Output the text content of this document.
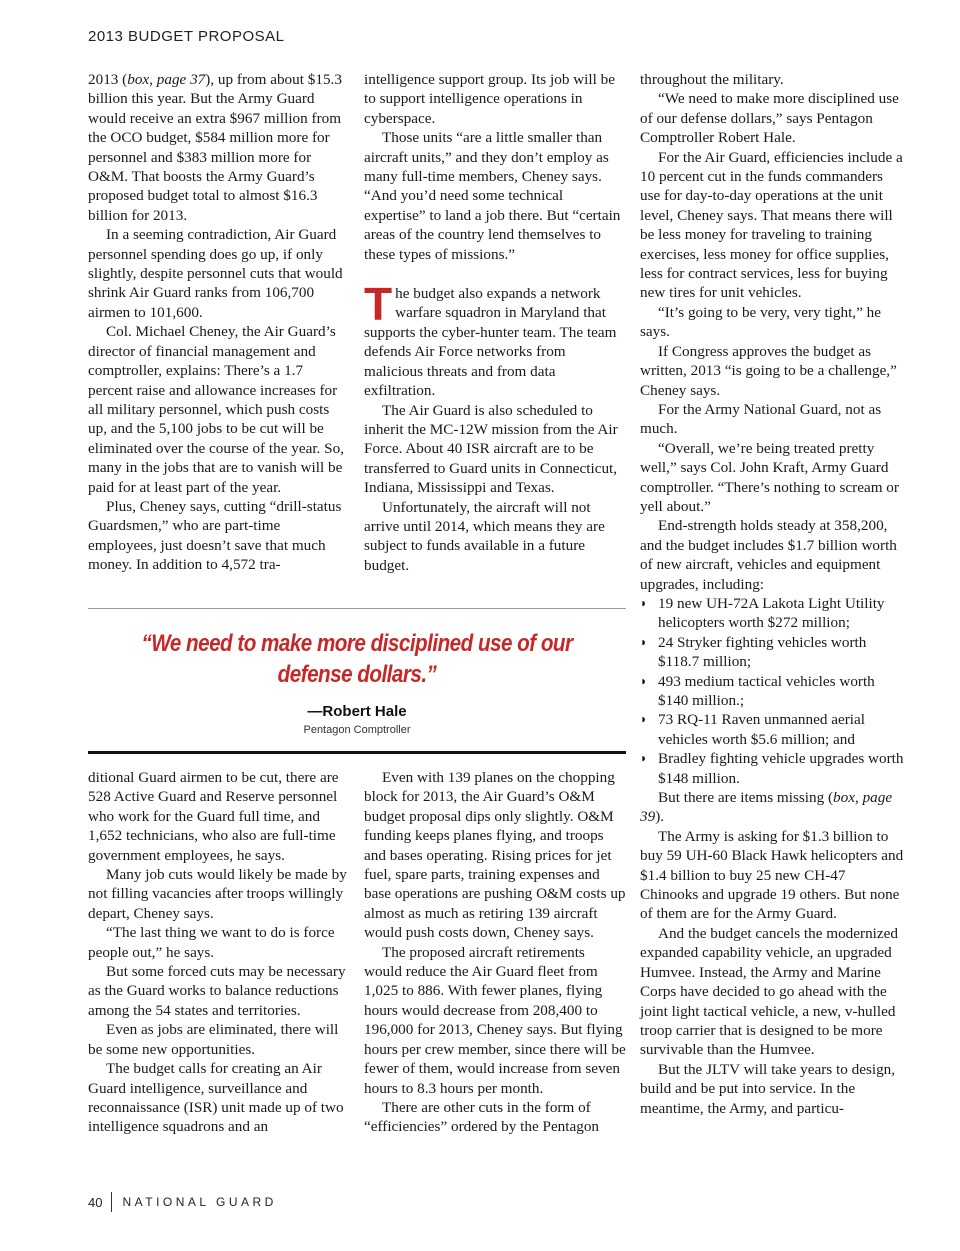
2013 BUDGET PROPOSAL

2013 (box, page 37), up from about $15.3 billion this year. But the Army Guard would receive an extra $967 million from the OCO budget, $584 million more for personnel and $383 million more for O&M. That boosts the Army Guard’s proposed budget total to almost $16.3 billion for 2013.

In a seeming contradiction, Air Guard personnel spending does go up, if only slightly, despite personnel cuts that would shrink Air Guard ranks from 106,700 airmen to 101,600.

Col. Michael Cheney, the Air Guard’s director of financial management and comptroller, explains: There’s a 1.7 percent raise and allowance increases for all military personnel, which push costs up, and the 5,100 jobs to be cut will be eliminated over the course of the year. So, many in the jobs that are to vanish will be paid for at least part of the year.

Plus, Cheney says, cutting “drill-status Guardsmen,” who are part-time employees, just doesn’t save that much money. In addition to 4,572 tra-

intelligence support group. Its job will be to support intelligence operations in cyberspace.

Those units “are a little smaller than aircraft units,” and they don’t employ as many full-time members, Cheney says. “And you’d need some technical expertise” to land a job there. But “certain areas of the country lend themselves to these types of missions.”

The budget also expands a network warfare squadron in Maryland that supports the cyber-hunter team. The team defends Air Force networks from malicious threats and from data exfiltration.

The Air Guard is also scheduled to inherit the MC-12W mission from the Air Force. About 40 ISR aircraft are to be transferred to Guard units in Connecticut, Indiana, Mississippi and Texas.

Unfortunately, the aircraft will not arrive until 2014, which means they are subject to funds available in a future budget.

“We need to make more disciplined use of our defense dollars.”
—Robert Hale
Pentagon Comptroller

ditional Guard airmen to be cut, there are 528 Active Guard and Reserve personnel who work for the Guard full time, and 1,652 technicians, who also are full-time government employees, he says.

Many job cuts would likely be made by not filling vacancies after troops willingly depart, Cheney says.

“The last thing we want to do is force people out,” he says.

But some forced cuts may be necessary as the Guard works to balance reductions among the 54 states and territories.

Even as jobs are eliminated, there will be some new opportunities.

The budget calls for creating an Air Guard intelligence, surveillance and reconnaissance (ISR) unit made up of two intelligence squadrons and an

Even with 139 planes on the chopping block for 2013, the Air Guard’s O&M budget proposal dips only slightly. O&M funding keeps planes flying, and troops and bases operating. Rising prices for jet fuel, spare parts, training expenses and base operations are pushing O&M costs up almost as much as retiring 139 aircraft would push costs down, Cheney says.

The proposed aircraft retirements would reduce the Air Guard fleet from 1,025 to 886. With fewer planes, flying hours would decrease from 208,400 to 196,000 for 2013, Cheney says. But flying hours per crew member, since there will be fewer of them, would increase from seven hours to 8.3 hours per month.

There are other cuts in the form of “efficiencies” ordered by the Pentagon

throughout the military.

“We need to make more disciplined use of our defense dollars,” says Pentagon Comptroller Robert Hale.

For the Air Guard, efficiencies include a 10 percent cut in the funds commanders use for day-to-day operations at the unit level, Cheney says. That means there will be less money for traveling to training exercises, less money for office supplies, less for contract services, less for buying new tires for unit vehicles.

“It’s going to be very, very tight,” he says.

If Congress approves the budget as written, 2013 “is going to be a challenge,” Cheney says.

For the Army National Guard, not as much.

“Overall, we’re being treated pretty well,” says Col. John Kraft, Army Guard comptroller. “There’s nothing to scream or yell about.”

End-strength holds steady at 358,200, and the budget includes $1.7 billion worth of new aircraft, vehicles and equipment upgrades, including:

◗ 19 new UH-72A Lakota Light Utility helicopters worth $272 million;
◗ 24 Stryker fighting vehicles worth $118.7 million;
◗ 493 medium tactical vehicles worth $140 million.;
◗ 73 RQ-11 Raven unmanned aerial vehicles worth $5.6 million; and
◗ Bradley fighting vehicle upgrades worth $148 million.

But there are items missing (box, page 39).

The Army is asking for $1.3 billion to buy 59 UH-60 Black Hawk helicopters and $1.4 billion to buy 25 new CH-47 Chinooks and upgrade 19 others. But none of them are for the Army Guard.

And the budget cancels the modernized expanded capability vehicle, an upgraded Humvee. Instead, the Army and Marine Corps have decided to go ahead with the joint light tactical vehicle, a new, v-hulled troop carrier that is designed to be more survivable than the Humvee.

But the JLTV will take years to design, build and be put into service. In the meantime, the Army, and particu-

40 NATIONAL GUARD
